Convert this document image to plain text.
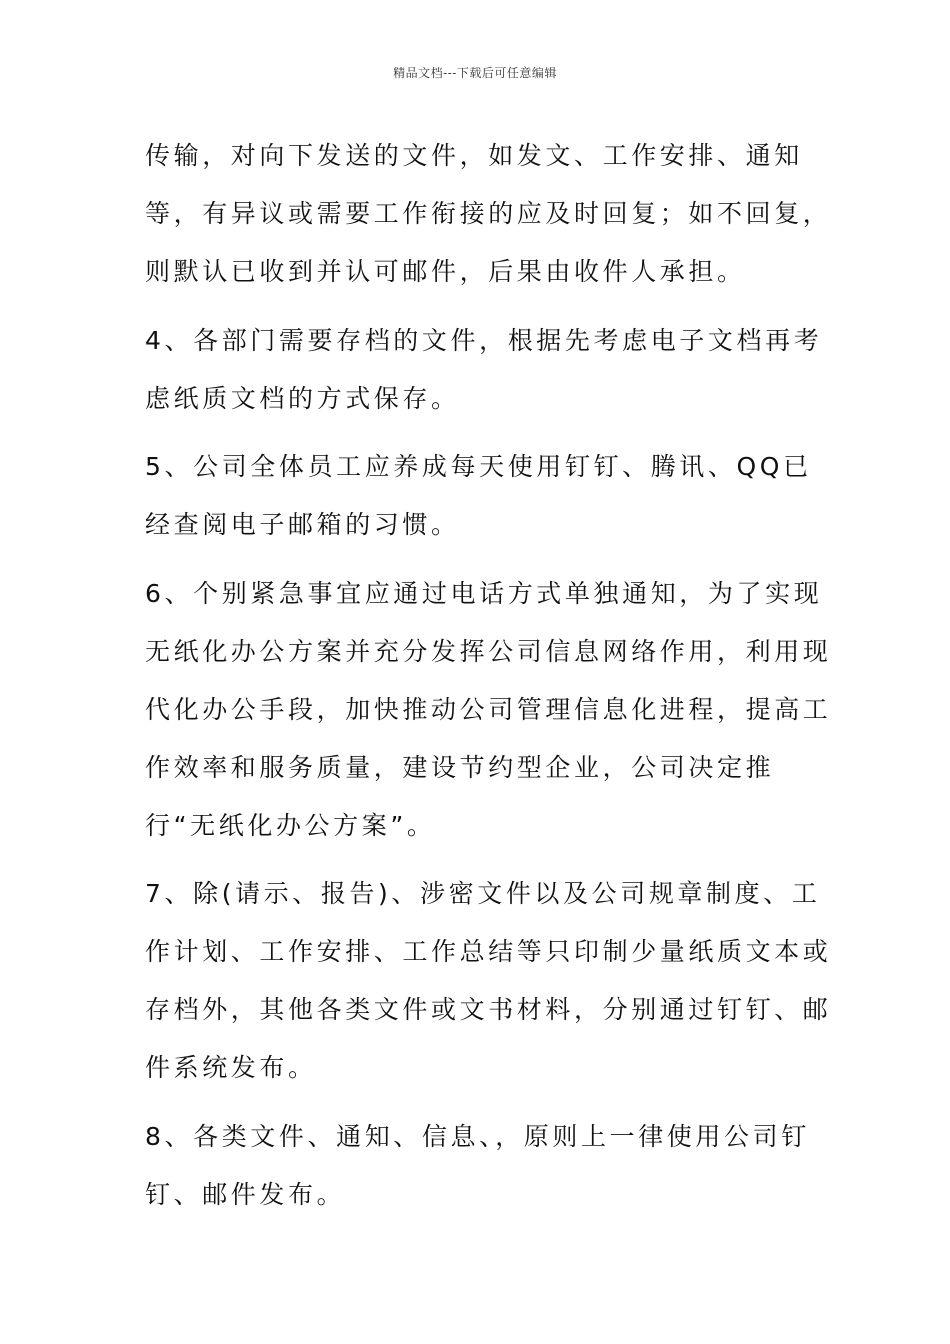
精品文档---下载后可任意编辑

传输，对向下发送的文件，如发文、工作安排、通知等，有异议或需要工作衔接的应及时回复；如不回复，则默认已收到并认可邮件，后果由收件人承担。

4、各部门需要存档的文件，根据先考虑电子文档再考虑纸质文档的方式保存。

5、公司全体员工应养成每天使用钉钉、腾讯、QQ已经查阅电子邮箱的习惯。

6、个别紧急事宜应通过电话方式单独通知，为了实现无纸化办公方案并充分发挥公司信息网络作用，利用现代化办公手段，加快推动公司管理信息化进程，提高工作效率和服务质量，建设节约型企业，公司决定推行“无纸化办公方案”。

7、除(请示、报告)、涉密文件以及公司规章制度、工作计划、工作安排、工作总结等只印制少量纸质文本或存档外，其他各类文件或文书材料，分别通过钉钉、邮件系统发布。

8、各类文件、通知、信息、，原则上一律使用公司钉钉、邮件发布。
